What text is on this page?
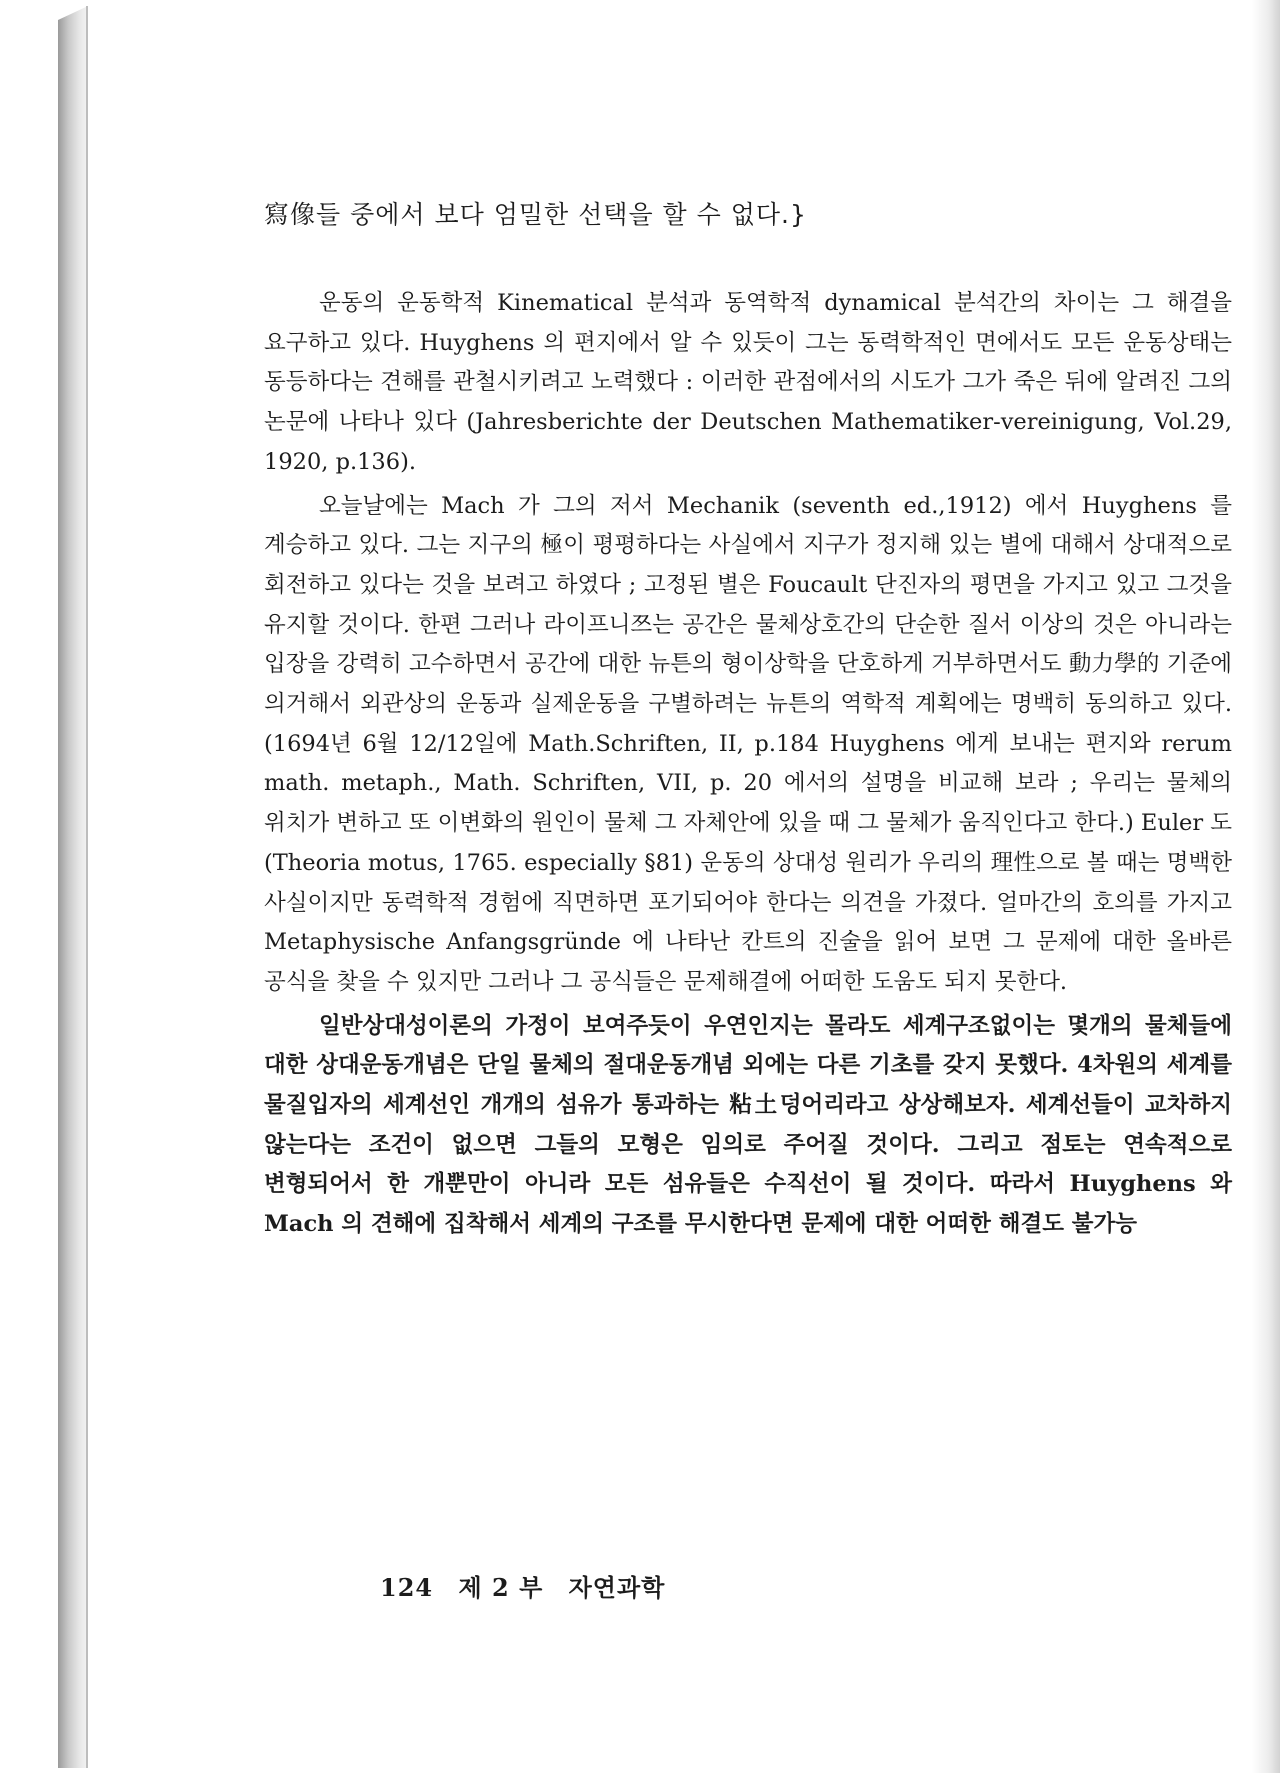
寫像들 중에서 보다 엄밀한 선택을 할 수 없다.}

운동의 운동학적 Kinematical 분석과 동역학적 dynamical 분석간의 차이는 그 해결을 요구하고 있다. Huyghens 의 편지에서 알 수 있듯이 그는 동력학적인 면에서도 모든 운동상태는 동등하다는 견해를 관철시키려고 노력했다 : 이러한 관점에서의 시도가 그가 죽은 뒤에 알려진 그의 논문에 나타나 있다 (Jahresberichte der Deutschen Mathematiker-vereinigung, Vol.29, 1920, p.136).

오늘날에는 Mach 가 그의 저서 Mechanik (seventh ed.,1912) 에서 Huyghens 를 계승하고 있다. 그는 지구의 極이 평평하다는 사실에서 지구가 정지해 있는 별에 대해서 상대적으로 회전하고 있다는 것을 보려고 하였다 ; 고정된 별은 Foucault 단진자의 평면을 가지고 있고 그것을 유지할 것이다. 한편 그러나 라이프니쯔는 공간은 물체상호간의 단순한 질서 이상의 것은 아니라는 입장을 강력히 고수하면서 공간에 대한 뉴튼의 형이상학을 단호하게 거부하면서도 動力學的 기준에 의거해서 외관상의 운동과 실제운동을 구별하려는 뉴튼의 역학적 계획에는 명백히 동의하고 있다. (1694년 6월 12/12일에 Math.Schriften, II, p.184 Huyghens 에게 보내는 편지와 rerum math. metaph., Math. Schriften, VII, p. 20 에서의 설명을 비교해 보라 ; 우리는 물체의 위치가 변하고 또 이변화의 원인이 물체 그 자체안에 있을 때 그 물체가 움직인다고 한다.) Euler 도 (Theoria motus, 1765. especially §81) 운동의 상대성 원리가 우리의 理性으로 볼 때는 명백한 사실이지만 동력학적 경험에 직면하면 포기되어야 한다는 의견을 가졌다. 얼마간의 호의를 가지고 Metaphysische Anfangsgründe 에 나타난 칸트의 진술을 읽어 보면 그 문제에 대한 올바른 공식을 찾을 수 있지만 그러나 그 공식들은 문제해결에 어떠한 도움도 되지 못한다.

일반상대성이론의 가정이 보여주듯이 우연인지는 몰라도 세계구조없이는 몇개의 물체들에 대한 상대운동개념은 단일 물체의 절대운동개념 외에는 다른 기초를 갖지 못했다. 4차원의 세계를 물질입자의 세계선인 개개의 섬유가 통과하는 粘土덩어리라고 상상해보자. 세계선들이 교차하지 않는다는 조건이 없으면 그들의 모형은 임의로 주어질 것이다. 그리고 점토는 연속적으로 변형되어서 한 개뿐만이 아니라 모든 섬유들은 수직선이 될 것이다. 따라서 Huyghens 와 Mach 의 견해에 집착해서 세계의 구조를 무시한다면 문제에 대한 어떠한 해결도 불가능

124 제 2 부 자연과학
